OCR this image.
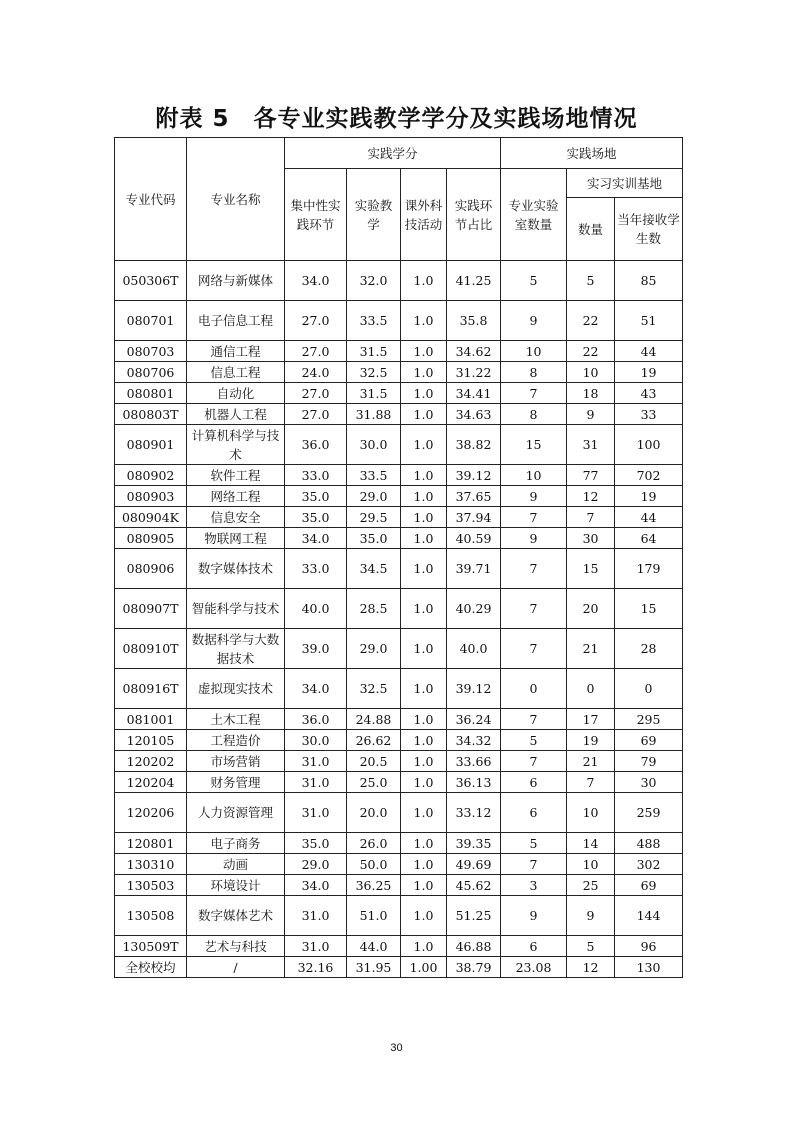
附表 5　各专业实践教学学分及实践场地情况
专业代码	专业名称	实践学分				实践场地		
		集中性实践环节	实验教学	课外科技活动	实践环节占比	专业实验室数量	实习实训基地	
							数量	当年接收学生数
050306T	网络与新媒体	34.0	32.0	1.0	41.25	5	5	85
080701	电子信息工程	27.0	33.5	1.0	35.8	9	22	51
080703	通信工程	27.0	31.5	1.0	34.62	10	22	44
080706	信息工程	24.0	32.5	1.0	31.22	8	10	19
080801	自动化	27.0	31.5	1.0	34.41	7	18	43
080803T	机器人工程	27.0	31.88	1.0	34.63	8	9	33
080901	计算机科学与技术	36.0	30.0	1.0	38.82	15	31	100
080902	软件工程	33.0	33.5	1.0	39.12	10	77	702
080903	网络工程	35.0	29.0	1.0	37.65	9	12	19
080904K	信息安全	35.0	29.5	1.0	37.94	7	7	44
080905	物联网工程	34.0	35.0	1.0	40.59	9	30	64
080906	数字媒体技术	33.0	34.5	1.0	39.71	7	15	179
080907T	智能科学与技术	40.0	28.5	1.0	40.29	7	20	15
080910T	数据科学与大数据技术	39.0	29.0	1.0	40.0	7	21	28
080916T	虚拟现实技术	34.0	32.5	1.0	39.12	0	0	0
081001	土木工程	36.0	24.88	1.0	36.24	7	17	295
120105	工程造价	30.0	26.62	1.0	34.32	5	19	69
120202	市场营销	31.0	20.5	1.0	33.66	7	21	79
120204	财务管理	31.0	25.0	1.0	36.13	6	7	30
120206	人力资源管理	31.0	20.0	1.0	33.12	6	10	259
120801	电子商务	35.0	26.0	1.0	39.35	5	14	488
130310	动画	29.0	50.0	1.0	49.69	7	10	302
130503	环境设计	34.0	36.25	1.0	45.62	3	25	69
130508	数字媒体艺术	31.0	51.0	1.0	51.25	9	9	144
130509T	艺术与科技	31.0	44.0	1.0	46.88	6	5	96
全校校均	/	32.16	31.95	1.00	38.79	23.08	12	130
30
